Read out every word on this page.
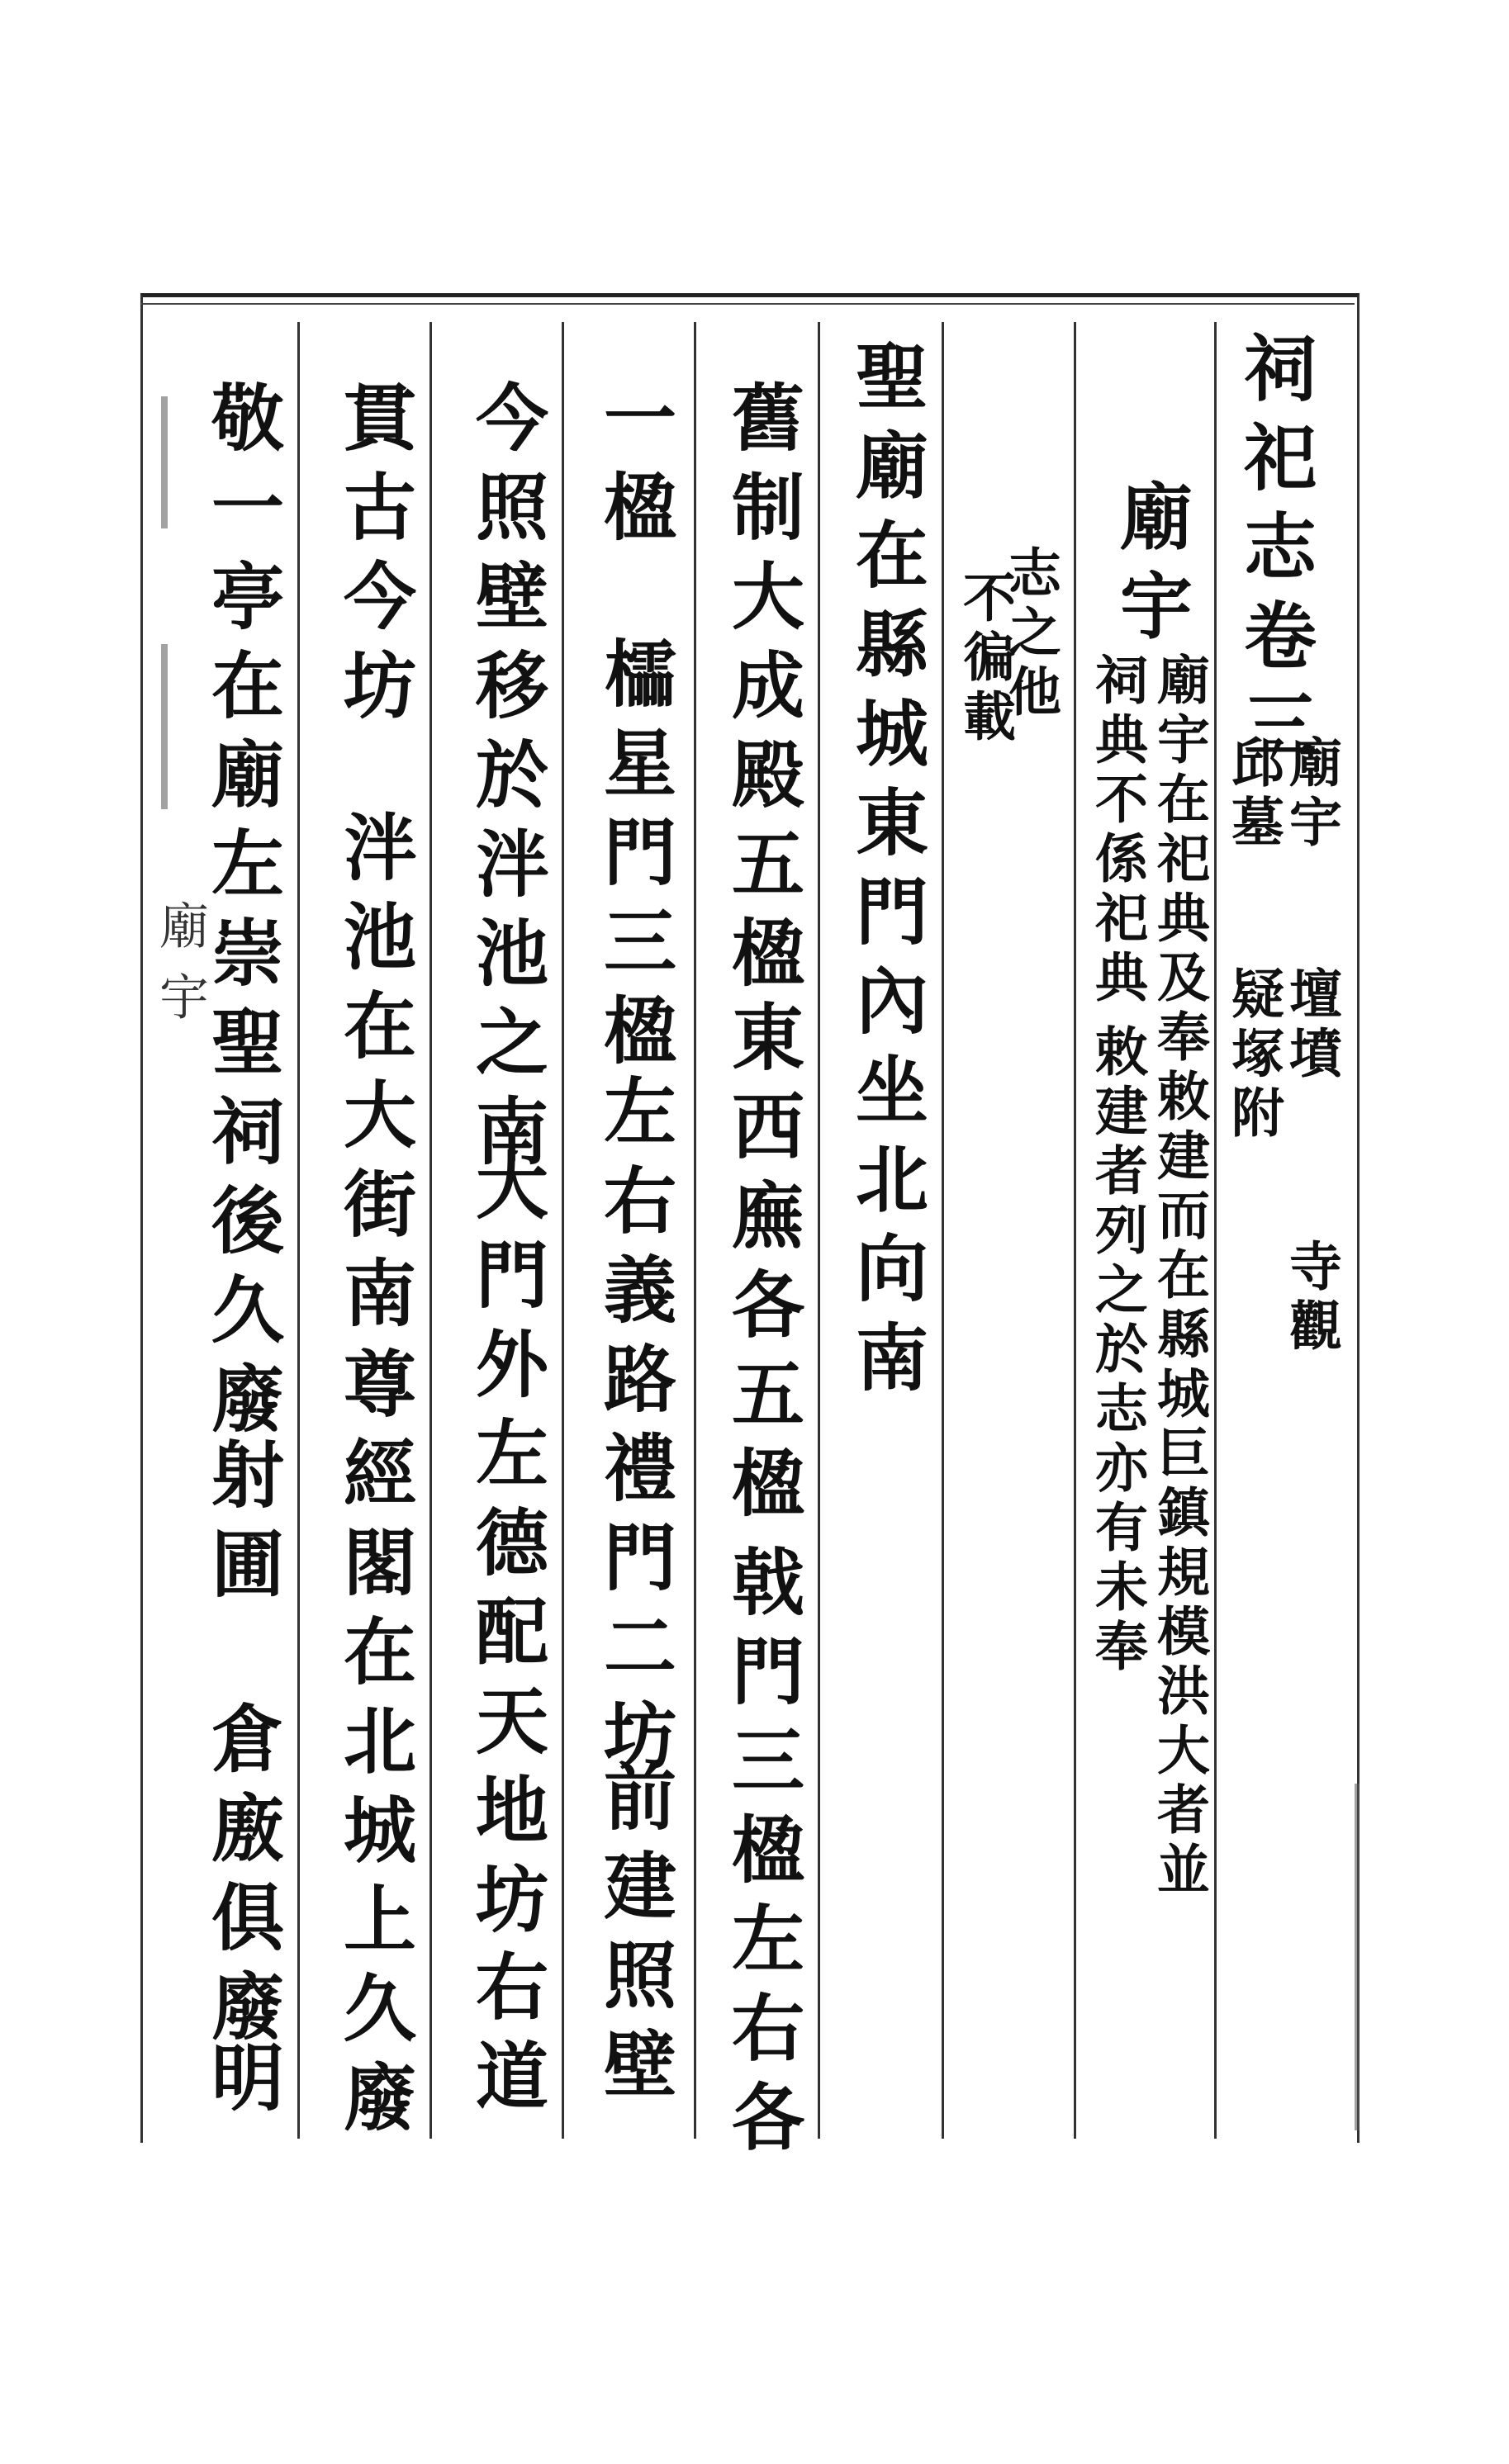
祠祀志卷三
廟宇
壇墳
寺觀
邱墓
疑塚附
廟宇
廟宇在祀典及奉敕建而在縣城巨鎮規模洪大者並
祠典不係祀典
敕建者列之於志亦有未奉
志之他
不徧載
聖廟在縣城東門內坐北向南
舊制大成殿五楹
東西廡各五楹
戟門三楹左右各
一楹
櫺星門三楹
左右義路禮門二坊
前建照壁
今照壁移於泮池之南
大門外左德配天地坊
右道
貫古今坊
泮池在大街南
尊經閣在北城上久廢
敬一亭在廟左崇聖祠後久廢
射圃
倉廒俱廢
明
廟宇
